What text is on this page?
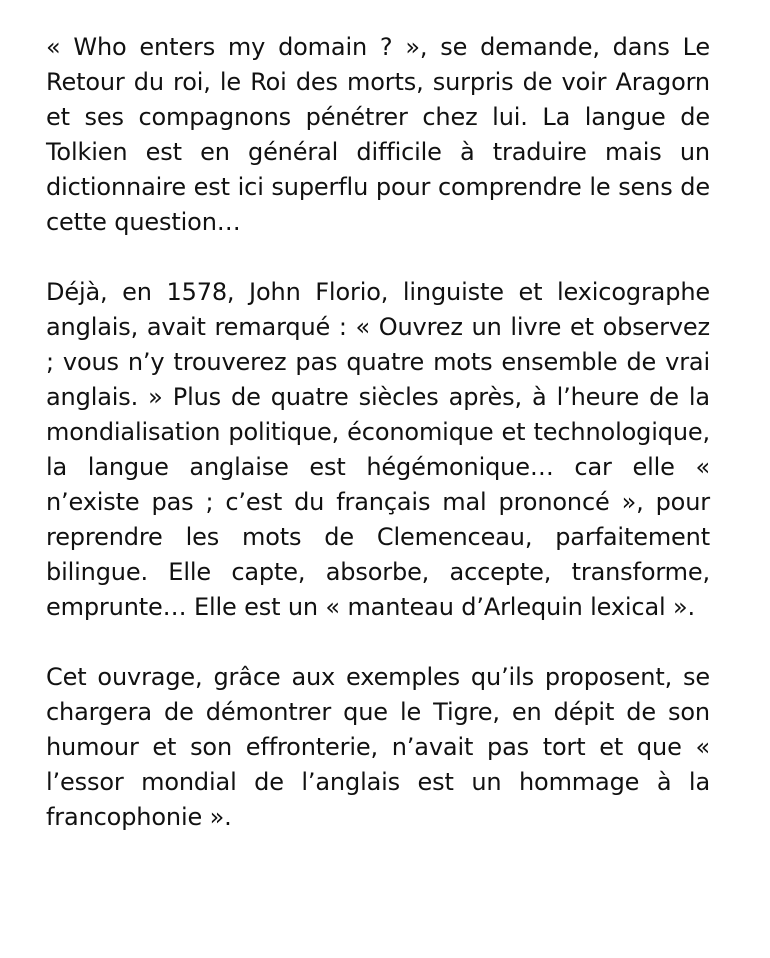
« Who enters my domain ? », se demande, dans Le Retour du roi, le Roi des morts, surpris de voir Aragorn et ses compagnons pénétrer chez lui. La langue de Tolkien est en général difficile à traduire mais un dictionnaire est ici superflu pour comprendre le sens de cette question…

Déjà, en 1578, John Florio, linguiste et lexicographe anglais, avait remarqué : « Ouvrez un livre et observez ; vous n’y trouverez pas quatre mots ensemble de vrai anglais. » Plus de quatre siècles après, à l’heure de la mondialisation politique, économique et technologique, la langue anglaise est hégémonique… car elle « n’existe pas ; c’est du français mal prononcé », pour reprendre les mots de Clemenceau, parfaitement bilingue. Elle capte, absorbe, accepte, transforme, emprunte… Elle est un « manteau d’Arlequin lexical ».

Cet ouvrage, grâce aux exemples qu’ils proposent, se chargera de démontrer que le Tigre, en dépit de son humour et son effronterie, n’avait pas tort et que « l’essor mondial de l’anglais est un hommage à la francophonie ».
